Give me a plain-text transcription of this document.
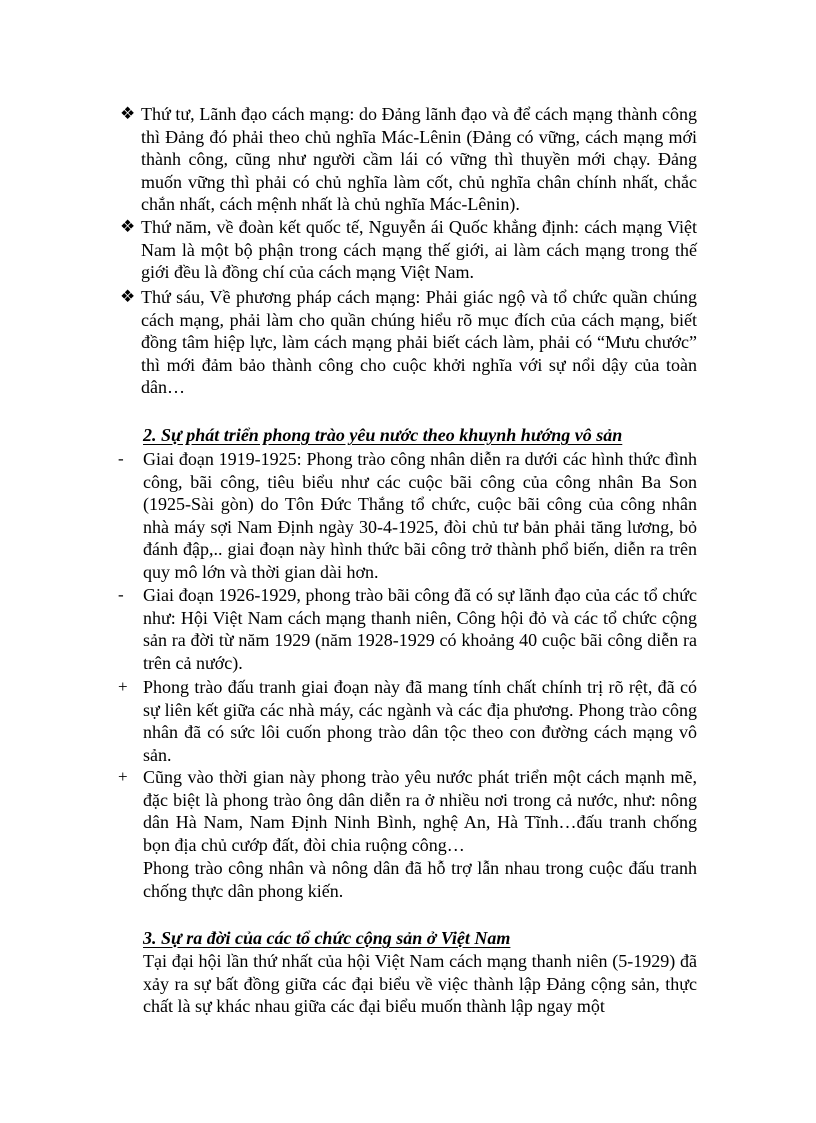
❖ Thứ tư, Lãnh đạo cách mạng: do Đảng lãnh đạo và để cách mạng thành công thì Đảng đó phải theo chủ nghĩa Mác-Lênin (Đảng có vững, cách mạng mới thành công, cũng như người cầm lái có vững thì thuyền mới chạy. Đảng muốn vững thì phải có chủ nghĩa làm cốt, chủ nghĩa chân chính nhất, chắc chắn nhất, cách mệnh nhất là chủ nghĩa Mác-Lênin).
❖ Thứ năm, về đoàn kết quốc tế, Nguyễn ái Quốc khẳng định: cách mạng Việt Nam là một bộ phận trong cách mạng thế giới, ai làm cách mạng trong thế giới đều là đồng chí của cách mạng Việt Nam.
❖ Thứ sáu, Về phương pháp cách mạng: Phải giác ngộ và tổ chức quần chúng cách mạng, phải làm cho quần chúng hiểu rõ mục đích của cách mạng, biết đồng tâm hiệp lực, làm cách mạng phải biết cách làm, phải có “Mưu chước” thì mới đảm bảo thành công cho cuộc khởi nghĩa với sự nổi dậy của toàn dân…
2. Sự phát triển phong trào yêu nước theo khuynh hướng vô sản
- Giai đoạn 1919-1925: Phong trào công nhân diễn ra dưới các hình thức đình công, bãi công, tiêu biểu như các cuộc bãi công của công nhân Ba Son (1925-Sài gòn) do Tôn Đức Thắng tổ chức, cuộc bãi công của công nhân nhà máy sợi Nam Định ngày 30-4-1925, đòi chủ tư bản phải tăng lương, bỏ đánh đập,.. giai đoạn này hình thức bãi công trở thành phổ biến, diễn ra trên quy mô lớn và thời gian dài hơn.
- Giai đoạn 1926-1929, phong trào bãi công đã có sự lãnh đạo của các tổ chức như: Hội Việt Nam cách mạng thanh niên, Công hội đỏ và các tổ chức cộng sản ra đời từ năm 1929 (năm 1928-1929 có khoảng 40 cuộc bãi công diễn ra trên cả nước).
+ Phong trào đấu tranh giai đoạn này đã mang tính chất chính trị rõ rệt, đã có sự liên kết giữa các nhà máy, các ngành và các địa phương. Phong trào công nhân đã có sức lôi cuốn phong trào dân tộc theo con đường cách mạng vô sản.
+ Cũng vào thời gian này phong trào yêu nước phát triển một cách mạnh mẽ, đặc biệt là phong trào ông dân diễn ra ở nhiều nơi trong cả nước, như: nông dân Hà Nam, Nam Định Ninh Bình, nghệ An, Hà Tĩnh…đấu tranh chống bọn địa chủ cướp đất, đòi chia ruộng công…
Phong trào công nhân và nông dân đã hỗ trợ lẫn nhau trong cuộc đấu tranh chống thực dân phong kiến.
3. Sự ra đời của các tổ chức cộng sản ở Việt Nam
Tại đại hội lần thứ nhất của hội Việt Nam cách mạng thanh niên (5-1929) đã xảy ra sự bất đồng giữa các đại biểu về việc thành lập Đảng cộng sản, thực chất là sự khác nhau giữa các đại biểu muốn thành lập ngay một
